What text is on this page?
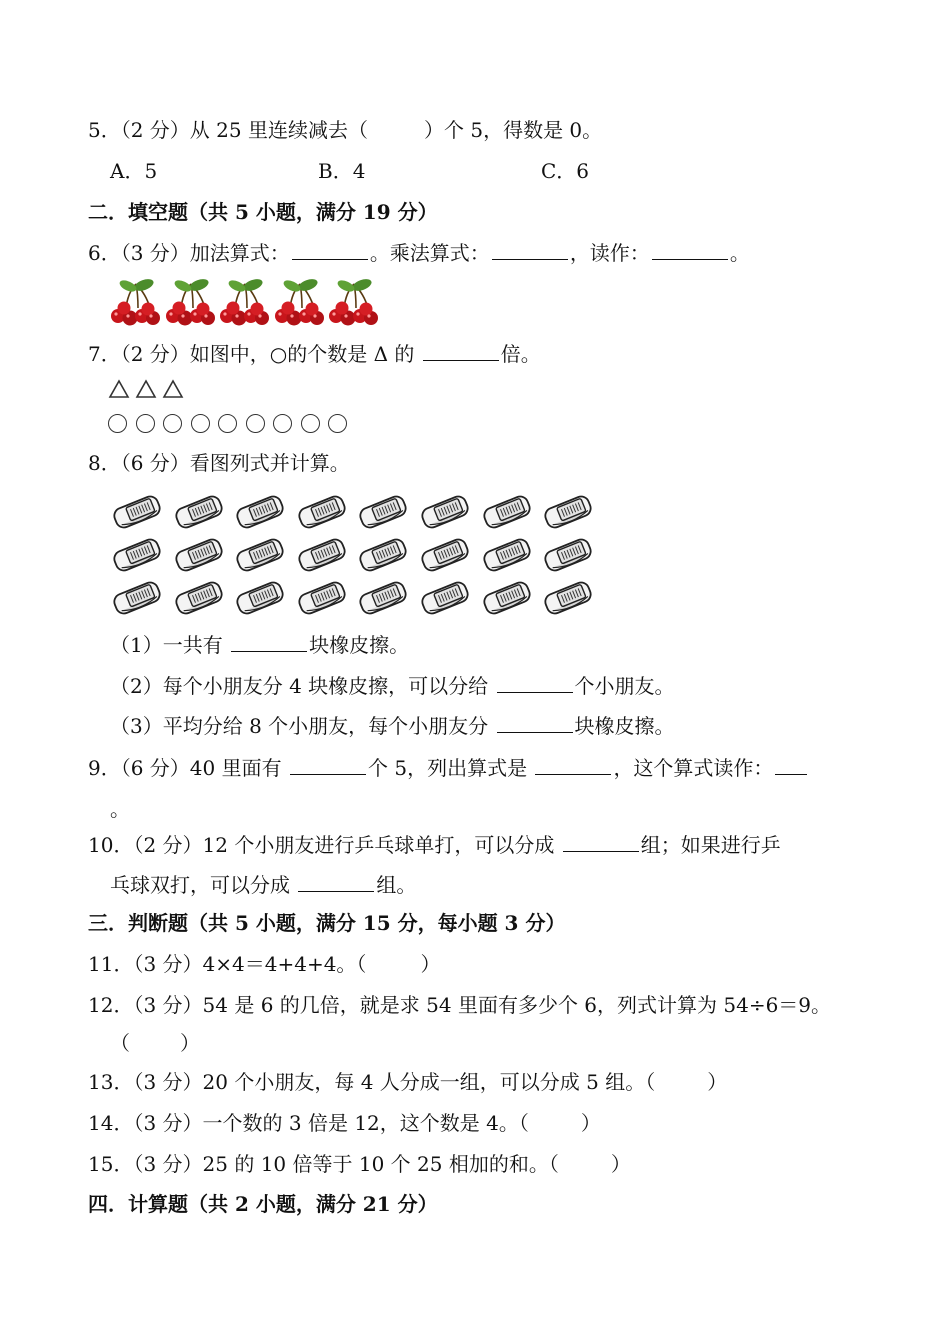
5．（2 分）从 25 里连续减去（	）个 5，得数是 0。
A．5	B．4	C．6
二．填空题（共 5 小题，满分 19 分）
6．（3 分）加法算式：	。乘法算式：	，读作：	。
7．（2 分）如图中，○的个数是 Δ 的	倍。
8．（6 分）看图列式并计算。
（1）一共有	块橡皮擦。
（2）每个小朋友分 4 块橡皮擦，可以分给	个小朋友。
（3）平均分给 8 个小朋友，每个小朋友分	块橡皮擦。
9．（6 分）40 里面有	个 5，列出算式是	，这个算式读作：
。
10．（2 分）12 个小朋友进行乒乓球单打，可以分成	组；如果进行乒
乓球双打，可以分成	组。
三．判断题（共 5 小题，满分 15 分，每小题 3 分）
11．（3 分）4×4＝4+4+4。（	）
12．（3 分）54 是 6 的几倍，就是求 54 里面有多少个 6，列式计算为 54÷6＝9。
（	）
13．（3 分）20 个小朋友，每 4 人分成一组，可以分成 5 组。（	）
14．（3 分）一个数的 3 倍是 12，这个数是 4。（	）
15．（3 分）25 的 10 倍等于 10 个 25 相加的和。（	）
四．计算题（共 2 小题，满分 21 分）
